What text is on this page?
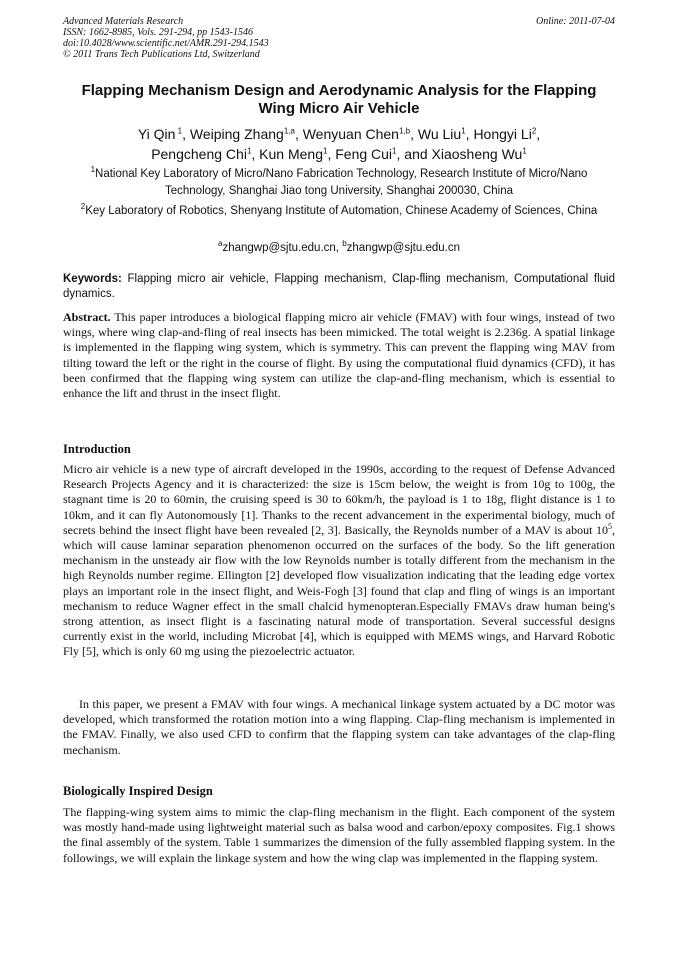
Advanced Materials Research
ISSN: 1662-8985, Vols. 291-294, pp 1543-1546
doi:10.4028/www.scientific.net/AMR.291-294.1543
© 2011 Trans Tech Publications Ltd, Switzerland
Online: 2011-07-04
Flapping Mechanism Design and Aerodynamic Analysis for the Flapping Wing Micro Air Vehicle
Yi Qin $^1$, Weiping Zhang$^{1,a}$, Wenyuan Chen$^{1,b}$, Wu Liu$^1$, Hongyi Li$^2$,
Pengcheng Chi$^1$, Kun Meng$^1$, Feng Cui$^1$, and Xiaosheng Wu$^1$
$^1$National Key Laboratory of Micro/Nano Fabrication Technology, Research Institute of Micro/Nano Technology, Shanghai Jiao tong University, Shanghai 200030, China
$^2$Key Laboratory of Robotics, Shenyang Institute of Automation, Chinese Academy of Sciences, China
$^a$zhangwp@sjtu.edu.cn, $^b$zhangwp@sjtu.edu.cn
Keywords: Flapping micro air vehicle, Flapping mechanism, Clap-fling mechanism, Computational fluid dynamics.
Abstract. This paper introduces a biological flapping micro air vehicle (FMAV) with four wings, instead of two wings, where wing clap-and-fling of real insects has been mimicked. The total weight is 2.236g. A spatial linkage is implemented in the flapping wing system, which is symmetry. This can prevent the flapping wing MAV from tilting toward the left or the right in the course of flight. By using the computational fluid dynamics (CFD), it has been confirmed that the flapping wing system can utilize the clap-and-fling mechanism, which is essential to enhance the lift and thrust in the insect flight.
Introduction
Micro air vehicle is a new type of aircraft developed in the 1990s, according to the request of Defense Advanced Research Projects Agency and it is characterized: the size is 15cm below, the weight is from 10g to 100g, the stagnant time is 20 to 60min, the cruising speed is 30 to 60km/h, the payload is 1 to 18g, flight distance is 1 to 10km, and it can fly Autonomously [1]. Thanks to the recent advancement in the experimental biology, much of secrets behind the insect flight have been revealed [2, 3]. Basically, the Reynolds number of a MAV is about $10^5$, which will cause laminar separation phenomenon occurred on the surfaces of the body. So the lift generation mechanism in the unsteady air flow with the low Reynolds number is totally different from the mechanism in the high Reynolds number regime. Ellington [2] developed flow visualization indicating that the leading edge vortex plays an important role in the insect flight, and Weis-Fogh [3] found that clap and fling of wings is an important mechanism to reduce Wagner effect in the small chalcid hymenopteran.Especially FMAVs draw human being's strong attention, as insect flight is a fascinating natural mode of transportation. Several successful designs currently exist in the world, including Microbat [4], which is equipped with MEMS wings, and Harvard Robotic Fly [5], which is only 60 mg using the piezoelectric actuator.
In this paper, we present a FMAV with four wings. A mechanical linkage system actuated by a DC motor was developed, which transformed the rotation motion into a wing flapping. Clap-fling mechanism is implemented in the FMAV. Finally, we also used CFD to confirm that the flapping system can take advantages of the clap-fling mechanism.
Biologically Inspired Design
The flapping-wing system aims to mimic the clap-fling mechanism in the flight. Each component of the system was mostly hand-made using lightweight material such as balsa wood and carbon/epoxy composites. Fig.1 shows the final assembly of the system. Table 1 summarizes the dimension of the fully assembled flapping system. In the followings, we will explain the linkage system and how the wing clap was implemented in the flapping system.
